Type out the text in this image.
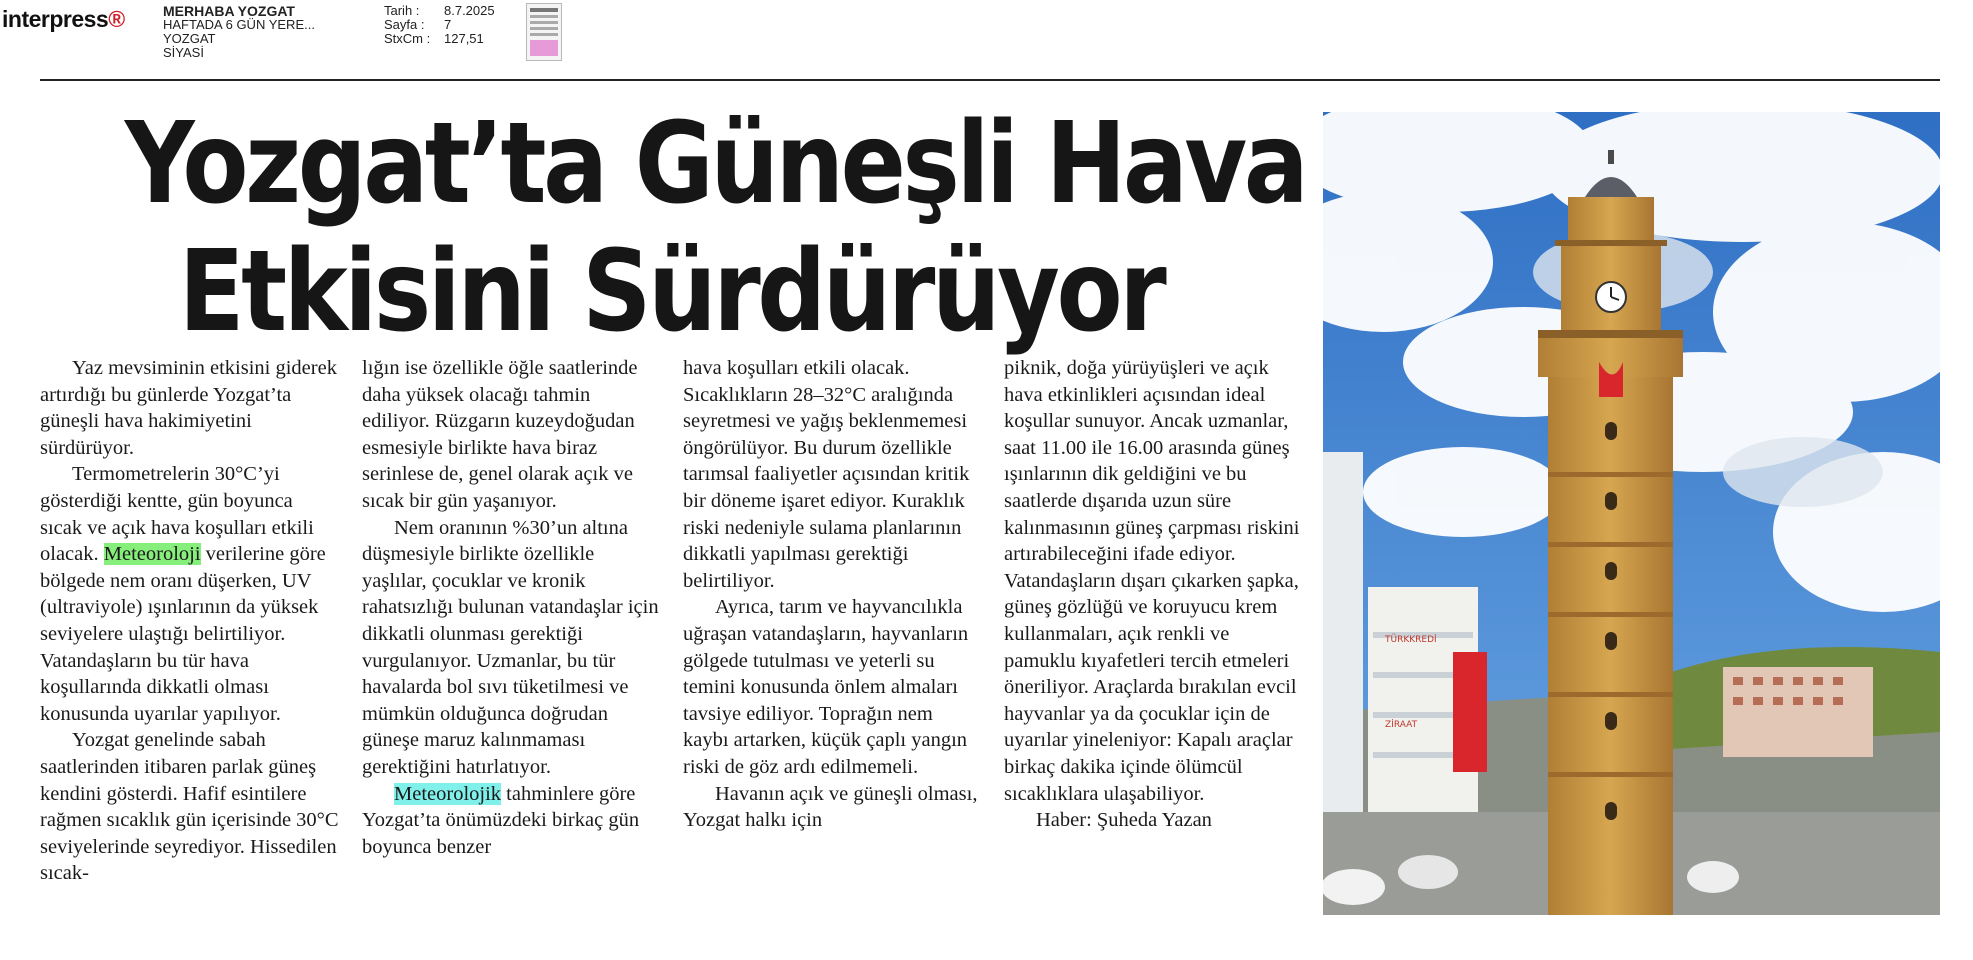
interpress®	MERHABA YOZGAT
HAFTADA 6 GÜN YERE...
YOZGAT
SİYASİ
Tarih :	8.7.2025
Sayfa :	7
StxCm :	127,51
Yozgat’ta Güneşli Hava
Etkisini Sürdürüyor

Yaz mevsiminin etkisini giderek artırdığı bu günlerde Yozgat’ta güneşli hava hakimiyetini sürdürüyor.

Termometrelerin 30°C’yi gösterdiği kentte, gün boyunca sıcak ve açık hava koşulları etkili olacak. Meteoroloji verilerine göre bölgede nem oranı düşerken, UV (ultraviyole) ışınlarının da yüksek seviyelere ulaştığı belirtiliyor. Vatandaşların bu tür hava koşullarında dikkatli olması konusunda uyarılar yapılıyor.

Yozgat genelinde sabah saatlerinden itibaren parlak güneş kendini gösterdi. Hafif esintilere rağmen sıcaklık gün içerisinde 30°C seviyelerinde seyrediyor. Hissedilen sıcak-

lığın ise özellikle öğle saatlerinde daha yüksek olacağı tahmin ediliyor. Rüzgarın kuzeydoğudan esmesiyle birlikte hava biraz serinlese de, genel olarak açık ve sıcak bir gün yaşanıyor.

Nem oranının %30’un altına düşmesiyle birlikte özellikle yaşlılar, çocuklar ve kronik rahatsızlığı bulunan vatandaşlar için dikkatli olunması gerektiği vurgulanıyor. Uzmanlar, bu tür havalarda bol sıvı tüketilmesi ve mümkün olduğunca doğrudan güneşe maruz kalınmaması gerektiğini hatırlatıyor.

Meteorolojik tahminlere göre Yozgat’ta önümüzdeki birkaç gün boyunca benzer

hava koşulları etkili olacak. Sıcaklıkların 28–32°C aralığında seyretmesi ve yağış beklenmemesi öngörülüyor. Bu durum özellikle tarımsal faaliyetler açısından kritik bir döneme işaret ediyor. Kuraklık riski nedeniyle sulama planlarının dikkatli yapılması gerektiği belirtiliyor.

Ayrıca, tarım ve hayvancılıkla uğraşan vatandaşların, hayvanların gölgede tutulması ve yeterli su temini konusunda önlem almaları tavsiye ediliyor. Toprağın nem kaybı artarken, küçük çaplı yangın riski de göz ardı edilmemeli.

Havanın açık ve güneşli olması, Yozgat halkı için

piknik, doğa yürüyüşleri ve açık hava etkinlikleri açısından ideal koşullar sunuyor. Ancak uzmanlar, saat 11.00 ile 16.00 arasında güneş ışınlarının dik geldiğini ve bu saatlerde dışarıda uzun süre kalınmasının güneş çarpması riskini artırabileceğini ifade ediyor. Vatandaşların dışarı çıkarken şapka, güneş gözlüğü ve koruyucu krem kullanmaları, açık renkli ve pamuklu kıyafetleri tercih etmeleri öneriliyor. Araçlarda bırakılan evcil hayvanlar ya da çocuklar için de uyarılar yineleniyor: Kapalı araçlar birkaç dakika içinde ölümcül sıcaklıklara ulaşabiliyor.

Haber: Şuheda Yazan

TÜRKKREDİ
ZİRAAT
